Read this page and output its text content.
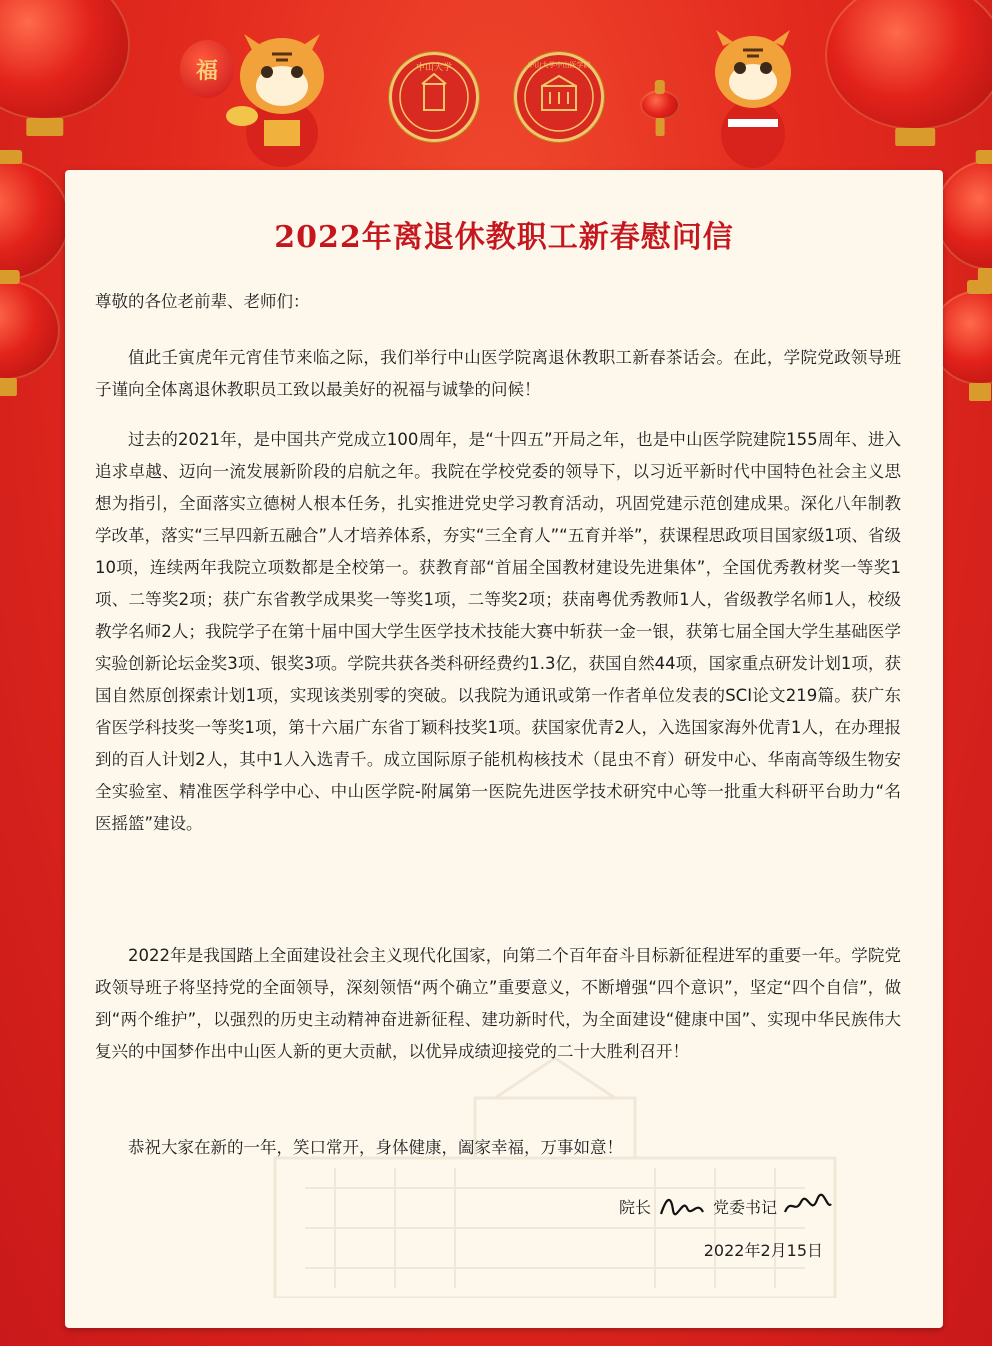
福	中山大学	中山大学中山医学院
2022年离退休教职工新春慰问信
尊敬的各位老前辈、老师们：
值此壬寅虎年元宵佳节来临之际，我们举行中山医学院离退休教职工新春茶话会。在此，学院党政领导班子谨向全体离退休教职员工致以最美好的祝福与诚挚的问候！
过去的2021年，是中国共产党成立100周年，是“十四五”开局之年，也是中山医学院建院155周年、进入追求卓越、迈向一流发展新阶段的启航之年。我院在学校党委的领导下，以习近平新时代中国特色社会主义思想为指引，全面落实立德树人根本任务，扎实推进党史学习教育活动，巩固党建示范创建成果。深化八年制教学改革，落实“三早四新五融合”人才培养体系，夯实“三全育人”“五育并举”，获课程思政项目国家级1项、省级10项，连续两年我院立项数都是全校第一。获教育部“首届全国教材建设先进集体”，全国优秀教材奖一等奖1项、二等奖2项；获广东省教学成果奖一等奖1项，二等奖2项；获南粤优秀教师1人，省级教学名师1人，校级教学名师2人；我院学子在第十届中国大学生医学技术技能大赛中斩获一金一银，获第七届全国大学生基础医学实验创新论坛金奖3项、银奖3项。学院共获各类科研经费约1.3亿，获国自然44项，国家重点研发计划1项，获国自然原创探索计划1项，实现该类别零的突破。以我院为通讯或第一作者单位发表的SCI论文219篇。获广东省医学科技奖一等奖1项，第十六届广东省丁颖科技奖1项。获国家优青2人，入选国家海外优青1人，在办理报到的百人计划2人，其中1人入选青千。成立国际原子能机构核技术（昆虫不育）研发中心、华南高等级生物安全实验室、精准医学科学中心、中山医学院-附属第一医院先进医学技术研究中心等一批重大科研平台助力“名医摇篮”建设。
2022年是我国踏上全面建设社会主义现代化国家，向第二个百年奋斗目标新征程进军的重要一年。学院党政领导班子将坚持党的全面领导，深刻领悟“两个确立”重要意义，不断增强“四个意识”，坚定“四个自信”，做到“两个维护”，以强烈的历史主动精神奋进新征程、建功新时代，为全面建设“健康中国”、实现中华民族伟大复兴的中国梦作出中山医人新的更大贡献，以优异成绩迎接党的二十大胜利召开！
恭祝大家在新的一年，笑口常开，身体健康，阖家幸福，万事如意！
院长	党委书记
2022年2月15日
